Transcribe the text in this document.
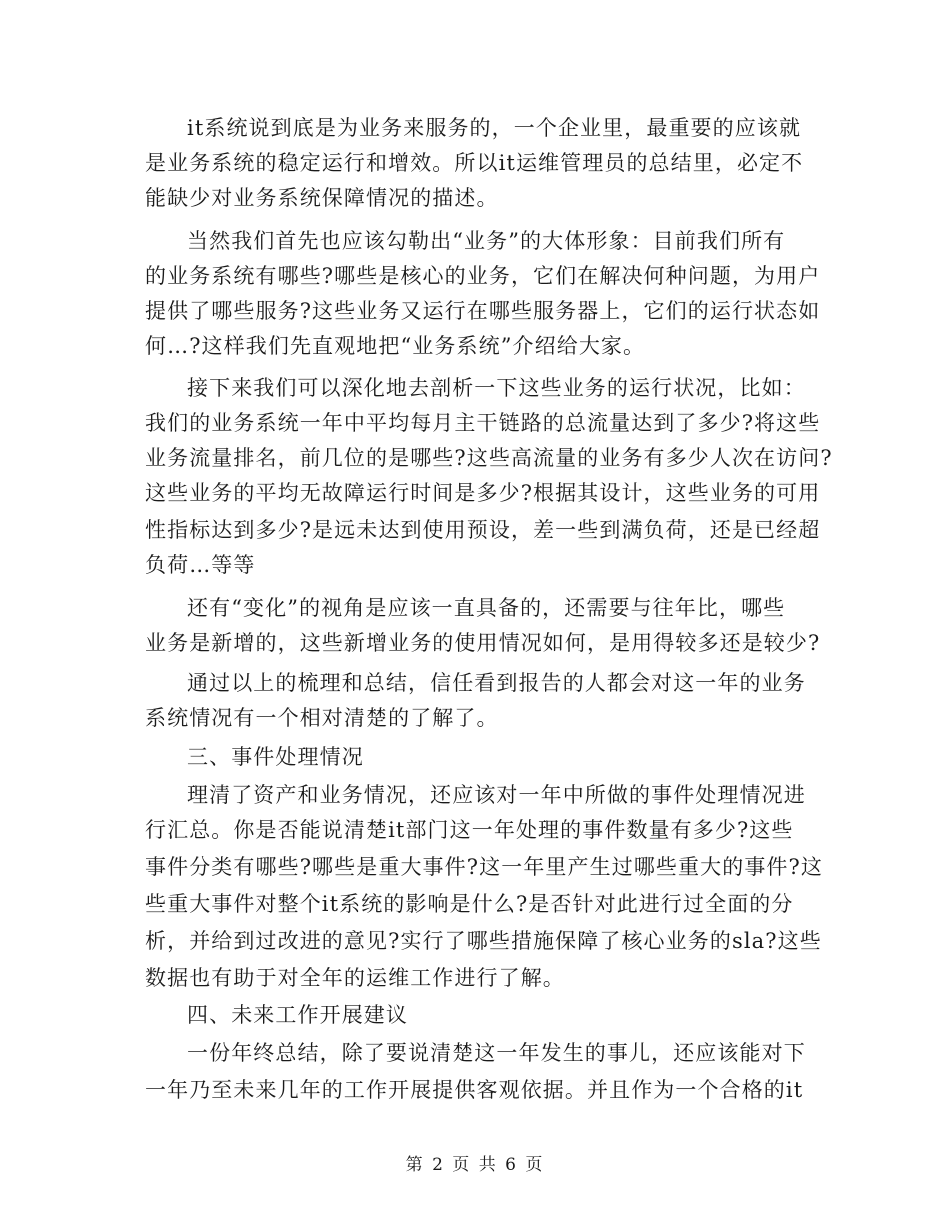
it系统说到底是为业务来服务的，一个企业里，最重要的应该就
是业务系统的稳定运行和增效。所以it运维管理员的总结里，必定不
能缺少对业务系统保障情况的描述。
当然我们首先也应该勾勒出“业务”的大体形象：目前我们所有
的业务系统有哪些?哪些是核心的业务，它们在解决何种问题，为用户
提供了哪些服务?这些业务又运行在哪些服务器上，它们的运行状态如
何…?这样我们先直观地把“业务系统”介绍给大家。
接下来我们可以深化地去剖析一下这些业务的运行状况，比如：
我们的业务系统一年中平均每月主干链路的总流量达到了多少?将这些
业务流量排名，前几位的是哪些?这些高流量的业务有多少人次在访问?
这些业务的平均无故障运行时间是多少?根据其设计，这些业务的可用
性指标达到多少?是远未达到使用预设，差一些到满负荷，还是已经超
负荷…等等
还有“变化”的视角是应该一直具备的，还需要与往年比，哪些
业务是新增的，这些新增业务的使用情况如何，是用得较多还是较少?
通过以上的梳理和总结，信任看到报告的人都会对这一年的业务
系统情况有一个相对清楚的了解了。
三、事件处理情况
理清了资产和业务情况，还应该对一年中所做的事件处理情况进
行汇总。你是否能说清楚it部门这一年处理的事件数量有多少?这些
事件分类有哪些?哪些是重大事件?这一年里产生过哪些重大的事件?这
些重大事件对整个it系统的影响是什么?是否针对此进行过全面的分
析，并给到过改进的意见?实行了哪些措施保障了核心业务的sla?这些
数据也有助于对全年的运维工作进行了解。
四、未来工作开展建议
一份年终总结，除了要说清楚这一年发生的事儿，还应该能对下
一年乃至未来几年的工作开展提供客观依据。并且作为一个合格的it
第 2 页 共 6 页
